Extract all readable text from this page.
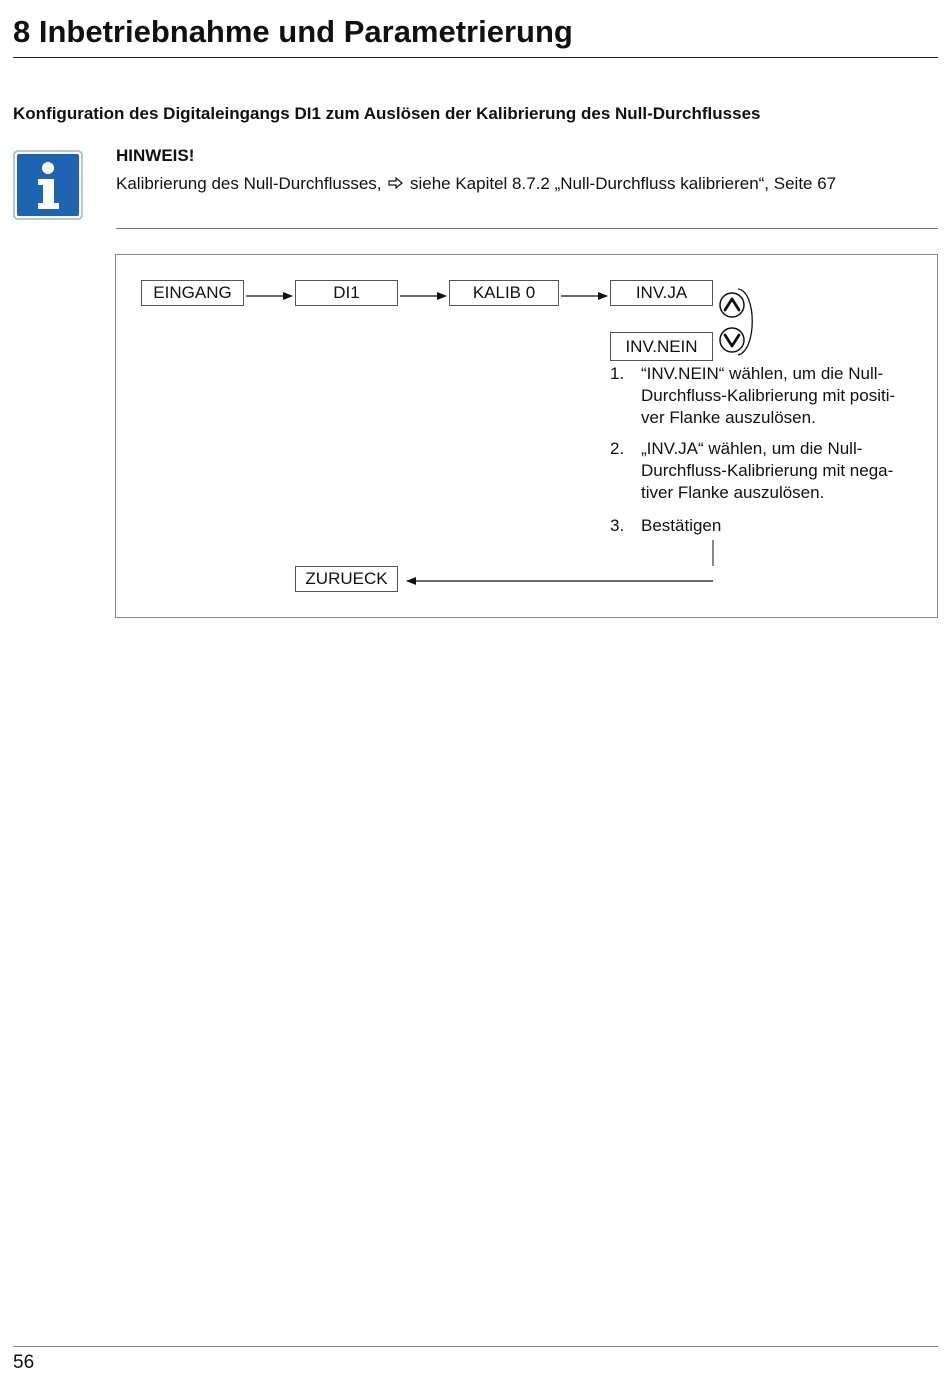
8 Inbetriebnahme und Parametrierung
Konfiguration des Digitaleingangs DI1 zum Auslösen der Kalibrierung des Null-Durchflusses
HINWEIS!
Kalibrierung des Null-Durchflusses, siehe Kapitel 8.7.2 „Null-Durchfluss kalibrieren“, Seite 67
EINGANG	DI1	KALIB 0	INV.JA
INV.NEIN
ZURUECK
1. “INV.NEIN“ wählen, um die Null-Durchfluss-Kalibrierung mit positi-ver Flanke auszulösen.
2. „INV.JA“ wählen, um die Null-Durchfluss-Kalibrierung mit nega-tiver Flanke auszulösen.
3. Bestätigen
56
